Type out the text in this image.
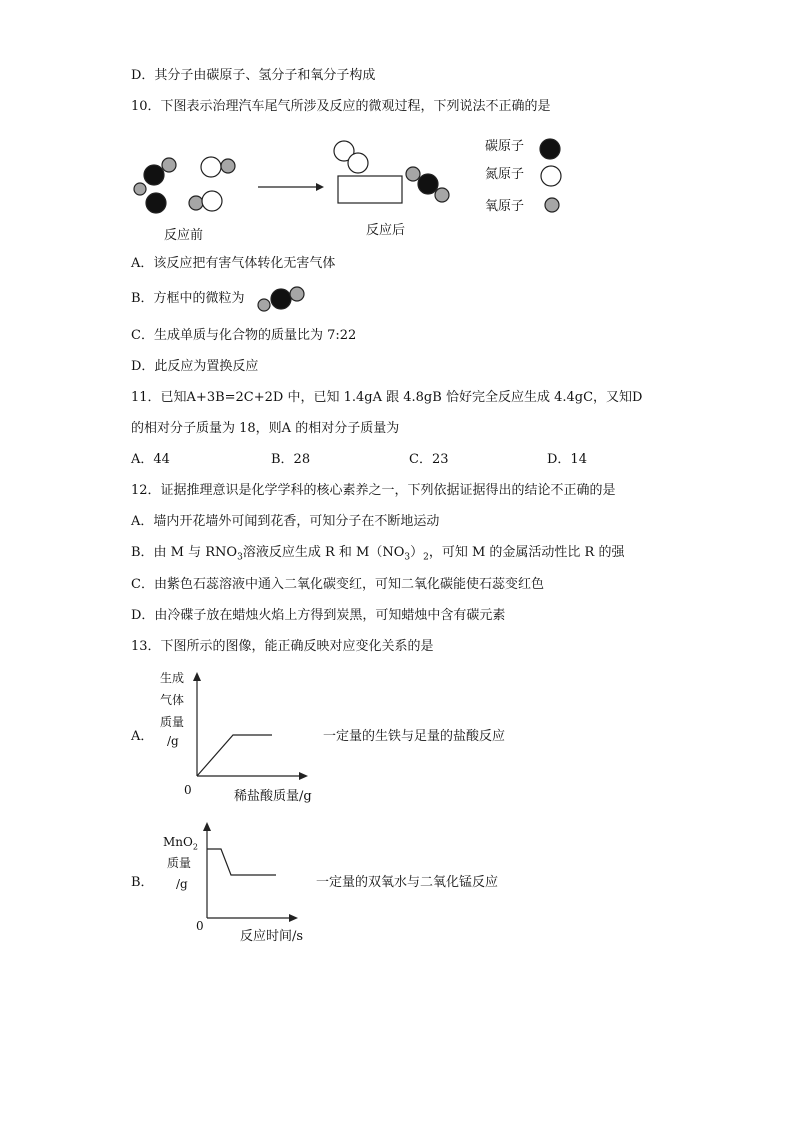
D．其分子由碳原子、氢分子和氧分子构成
10．下图表示治理汽车尾气所涉及反应的微观过程，下列说法不正确的是
碳原子
氮原子
氧原子
反应前	反应后
A．该反应把有害气体转化无害气体
B．方框中的微粒为
C．生成单质与化合物的质量比为 7:22
D．此反应为置换反应
11．已知A+3B=2C+2D 中，已知 1.4gA 跟 4.8gB 恰好完全反应生成 4.4gC，又知D
的相对分子质量为 18，则A 的相对分子质量为
A．44	B．28	C．23	D．14
12．证据推理意识是化学学科的核心素养之一，下列依据证据得出的结论不正确的是
A．墙内开花墙外可闻到花香，可知分子在不断地运动
B．由 M 与 $RNO_3$溶液反应生成 R 和 $M(NO_3)_2$，可知 M 的金属活动性比 R 的强
C．由紫色石蕊溶液中通入二氧化碳变红，可知二氧化碳能使石蕊变红色
D．由冷碟子放在蜡烛火焰上方得到炭黑，可知蜡烛中含有碳元素
13．下图所示的图像，能正确反映对应变化关系的是
A．
生成
气体
质量
/g
0	稀盐酸质量/g
一定量的生铁与足量的盐酸反应
B．
MnO$_2$
质量
/g
0
反应时间/s
一定量的双氧水与二氧化锰反应
